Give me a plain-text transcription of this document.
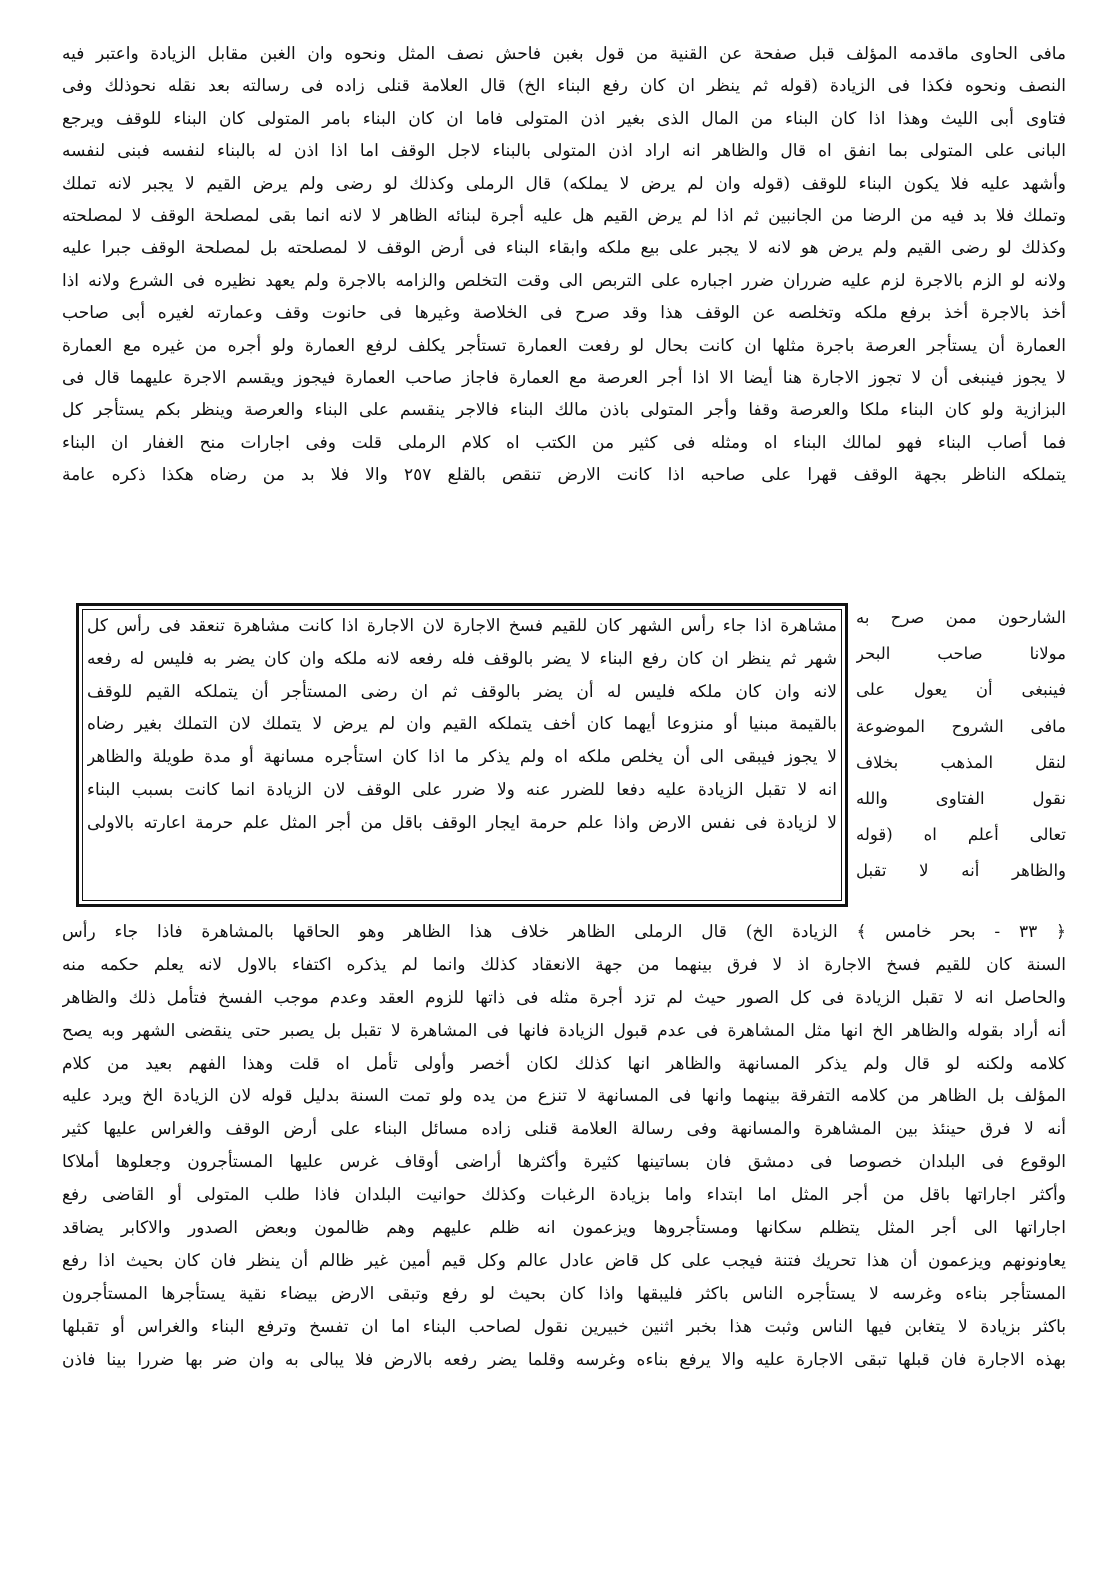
مافى الحاوى ماقدمه المؤلف قبل صفحة عن القنية من قول بغبن فاحش نصف المثل ونحوه وان الغبن مقابل الزيادة واعتبر فيه
النصف ونحوه فكذا فى الزيادة (قوله ثم ينظر ان كان رفع البناء الخ) قال العلامة قنلى زاده فى رسالته بعد نقله نحوذلك وفى
فتاوى أبى الليث وهذا اذا كان البناء من المال الذى بغير اذن المتولى فاما ان كان البناء بامر المتولى كان البناء للوقف ويرجع
البانى على المتولى بما انفق اه قال والظاهر انه اراد اذن المتولى بالبناء لاجل الوقف اما اذا اذن له بالبناء لنفسه فبنى لنفسه
وأشهد عليه فلا يكون البناء للوقف (قوله وان لم يرض لا يملكه) قال الرملى وكذلك لو رضى ولم يرض القيم لا يجبر لانه تملك
وتملك فلا بد فيه من الرضا من الجانبين ثم اذا لم يرض القيم هل عليه أجرة لبنائه الظاهر لا لانه انما بقى لمصلحة الوقف لا لمصلحته
وكذلك لو رضى القيم ولم يرض هو لانه لا يجبر على بيع ملكه وابقاء البناء فى أرض الوقف لا لمصلحته بل لمصلحة الوقف جبرا عليه
ولانه لو الزم بالاجرة لزم عليه ضرران ضرر اجباره على التربص الى وقت التخلص والزامه بالاجرة ولم يعهد نظيره فى الشرع ولانه اذا
أخذ بالاجرة أخذ برفع ملكه وتخلصه عن الوقف هذا وقد صرح فى الخلاصة وغيرها فى حانوت وقف وعمارته لغيره أبى صاحب
العمارة أن يستأجر العرصة باجرة مثلها ان كانت بحال لو رفعت العمارة تستأجر يكلف لرفع العمارة ولو أجره من غيره مع العمارة
لا يجوز فينبغى أن لا تجوز الاجارة هنا أيضا الا اذا أجر العرصة مع العمارة فاجاز صاحب العمارة فيجوز ويقسم الاجرة عليهما قال فى
البزازية ولو كان البناء ملكا والعرصة وقفا وأجر المتولى باذن مالك البناء فالاجر ينقسم على البناء والعرصة وينظر بكم يستأجر كل
فما أصاب البناء فهو لمالك البناء اه ومثله فى كثير من الكتب اه كلام الرملى قلت وفى اجارات منح الغفار ان البناء
يتملكه الناظر بجهة الوقف قهرا على صاحبه اذا كانت الارض تنقص بالقلع ٢٥٧ والا فلا بد من رضاه هكذا ذكره عامة
الشارحون ممن صرح به
مولانا صاحب البحر
فينبغى أن يعول على
مافى الشروح الموضوعة
لنقل المذهب بخلاف
نقول الفتاوى والله
تعالى أعلم اه (قوله
والظاهر أنه لا تقبل
مشاهرة اذا جاء رأس الشهر كان للقيم فسخ الاجارة لان الاجارة اذا كانت مشاهرة تنعقد فى رأس كل
شهر ثم ينظر ان كان رفع البناء لا يضر بالوقف فله رفعه لانه ملكه وان كان يضر به فليس له رفعه
لانه وان كان ملكه فليس له أن يضر بالوقف ثم ان رضى المستأجر أن يتملكه القيم للوقف
بالقيمة مبنيا أو منزوعا أيهما كان أخف يتملكه القيم وان لم يرض لا يتملك لان التملك بغير رضاه
لا يجوز فيبقى الى أن يخلص ملكه اه ولم يذكر ما اذا كان استأجره مسانهة أو مدة طويلة والظاهر
انه لا تقبل الزيادة عليه دفعا للضرر عنه ولا ضرر على الوقف لان الزيادة انما كانت بسبب البناء
لا لزيادة فى نفس الارض واذا علم حرمة ايجار الوقف باقل من أجر المثل علم حرمة اعارته بالاولى
﴿ ٣٣ - بحر خامس ﴾ الزيادة الخ) قال الرملى الظاهر خلاف هذا الظاهر وهو الحاقها بالمشاهرة فاذا جاء رأس
السنة كان للقيم فسخ الاجارة اذ لا فرق بينهما من جهة الانعقاد كذلك وانما لم يذكره اكتفاء بالاول لانه يعلم حكمه منه
والحاصل انه لا تقبل الزيادة فى كل الصور حيث لم تزد أجرة مثله فى ذاتها للزوم العقد وعدم موجب الفسخ فتأمل ذلك والظاهر
أنه أراد بقوله والظاهر الخ انها مثل المشاهرة فى عدم قبول الزيادة فانها فى المشاهرة لا تقبل بل يصبر حتى ينقضى الشهر وبه يصح
كلامه ولكنه لو قال ولم يذكر المسانهة والظاهر انها كذلك لكان أخصر وأولى تأمل اه قلت وهذا الفهم بعيد من كلام
المؤلف بل الظاهر من كلامه التفرقة بينهما وانها فى المسانهة لا تنزع من يده ولو تمت السنة بدليل قوله لان الزيادة الخ ويرد عليه
أنه لا فرق حينئذ بين المشاهرة والمسانهة وفى رسالة العلامة قنلى زاده مسائل البناء على أرض الوقف والغراس عليها كثير
الوقوع فى البلدان خصوصا فى دمشق فان بساتينها كثيرة وأكثرها أراضى أوقاف غرس عليها المستأجرون وجعلوها أملاكا
وأكثر اجاراتها باقل من أجر المثل اما ابتداء واما بزيادة الرغبات وكذلك حوانيت البلدان فاذا طلب المتولى أو القاضى رفع
اجاراتها الى أجر المثل يتظلم سكانها ومستأجروها ويزعمون انه ظلم عليهم وهم ظالمون وبعض الصدور والاكابر يضاقد
يعاونونهم ويزعمون أن هذا تحريك فتنة فيجب على كل قاض عادل عالم وكل قيم أمين غير ظالم أن ينظر فان كان بحيث اذا رفع
المستأجر بناءه وغرسه لا يستأجره الناس باكثر فليبقها واذا كان بحيث لو رفع وتبقى الارض بيضاء نقية يستأجرها المستأجرون
باكثر بزيادة لا يتغابن فيها الناس وثبت هذا بخبر اثنين خبيرين نقول لصاحب البناء اما ان تفسخ وترفع البناء والغراس أو تقبلها
بهذه الاجارة فان قبلها تبقى الاجارة عليه والا يرفع بناءه وغرسه وقلما يضر رفعه بالارض فلا يبالى به وان ضر بها ضررا بينا فاذن
